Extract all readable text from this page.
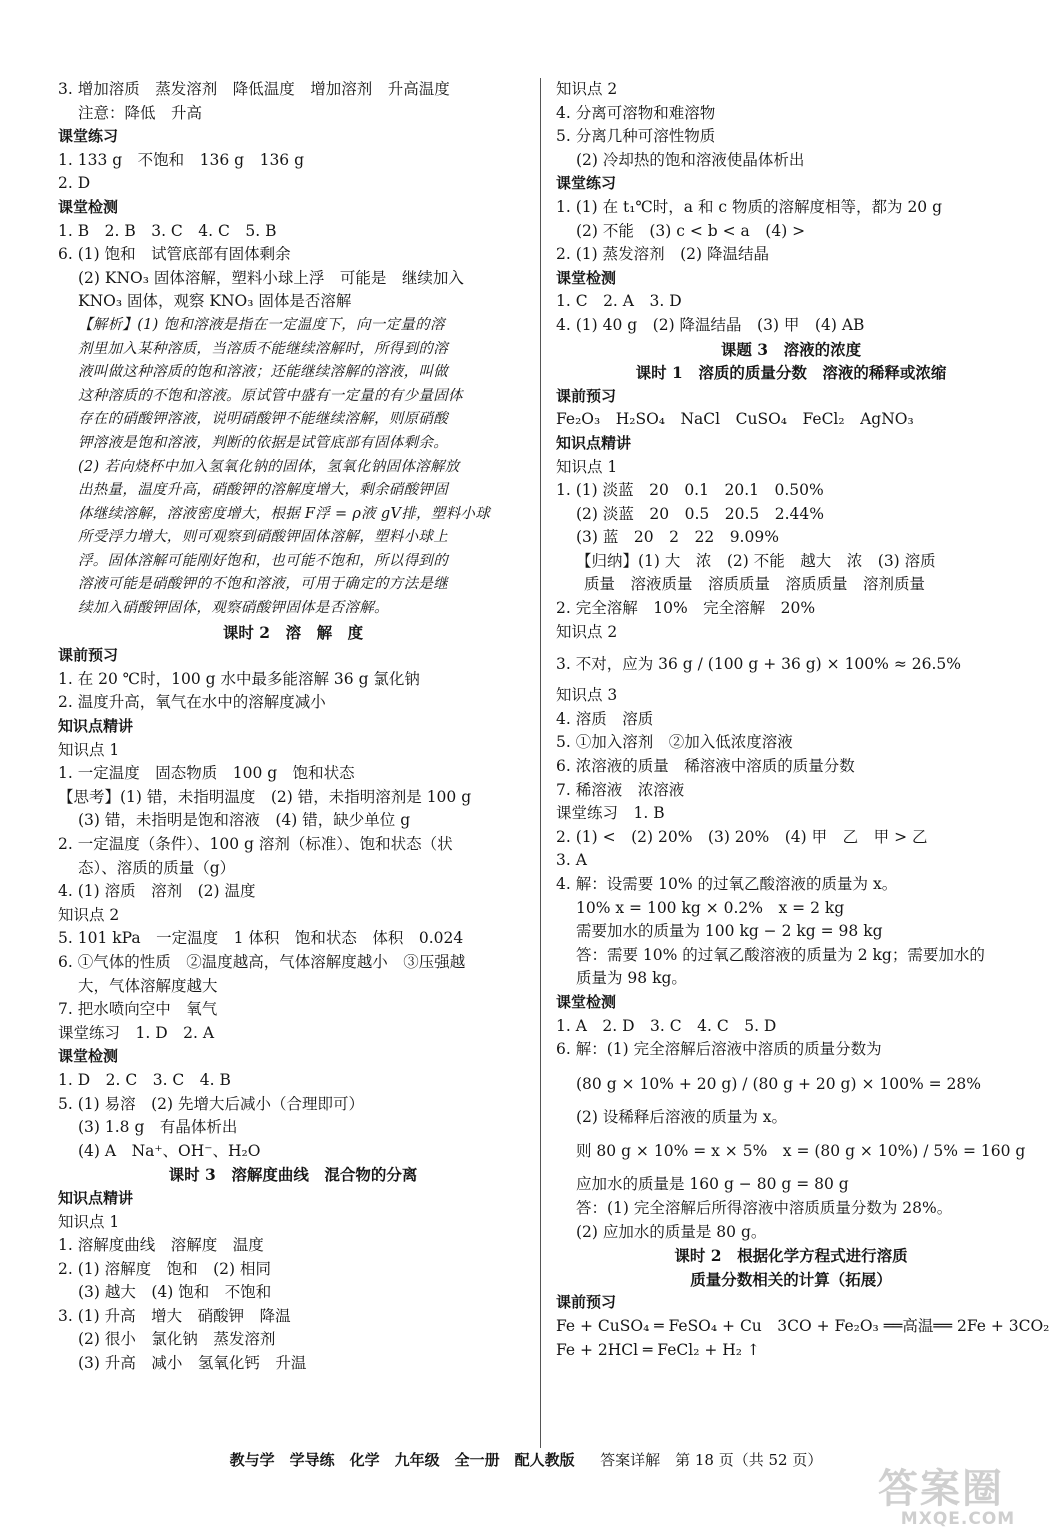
3. 增加溶质　蒸发溶剂　降低温度　增加溶剂　升高温度
注意：降低　升高
课堂练习
1. 133 g　不饱和　136 g　136 g
2. D
课堂检测
1. B　2. B　3. C　4. C　5. B
6. (1) 饱和　试管底部有固体剩余
(2) KNO₃ 固体溶解，塑料小球上浮　可能是　继续加入
KNO₃ 固体，观察 KNO₃ 固体是否溶解
【解析】(1) 饱和溶液是指在一定温度下，向一定量的溶
剂里加入某种溶质，当溶质不能继续溶解时，所得到的溶
液叫做这种溶质的饱和溶液；还能继续溶解的溶液，叫做
这种溶质的不饱和溶液。原试管中盛有一定量的有少量固体
存在的硝酸钾溶液，说明硝酸钾不能继续溶解，则原硝酸
钾溶液是饱和溶液，判断的依据是试管底部有固体剩余。
(2) 若向烧杯中加入氢氧化钠的固体，氢氧化钠固体溶解放
出热量，温度升高，硝酸钾的溶解度增大，剩余硝酸钾固
体继续溶解，溶液密度增大，根据 F浮 = ρ液 gV排，塑料小球
所受浮力增大，则可观察到硝酸钾固体溶解，塑料小球上
浮。固体溶解可能刚好饱和，也可能不饱和，所以得到的
溶液可能是硝酸钾的不饱和溶液，可用于确定的方法是继
续加入硝酸钾固体，观察硝酸钾固体是否溶解。
课时 2　溶　解　度
课前预习
1. 在 20 ℃时，100 g 水中最多能溶解 36 g 氯化钠
2. 温度升高，氧气在水中的溶解度减小
知识点精讲
知识点 1
1. 一定温度　固态物质　100 g　饱和状态
【思考】(1) 错，未指明温度　(2) 错，未指明溶剂是 100 g
(3) 错，未指明是饱和溶液　(4) 错，缺少单位 g
2. 一定温度（条件）、100 g 溶剂（标准）、饱和状态（状
态）、溶质的质量（g）
4. (1) 溶质　溶剂　(2) 温度
知识点 2
5. 101 kPa　一定温度　1 体积　饱和状态　体积　0.024
6. ①气体的性质　②温度越高，气体溶解度越小　③压强越
大，气体溶解度越大
7. 把水喷向空中　氧气
课堂练习　1. D　2. A
课堂检测
1. D　2. C　3. C　4. B
5. (1) 易溶　(2) 先增大后减小（合理即可）
(3) 1.8 g　有晶体析出
(4) A　Na⁺、OH⁻、H₂O
课时 3　溶解度曲线　混合物的分离
知识点精讲
知识点 1
1. 溶解度曲线　溶解度　温度
2. (1) 溶解度　饱和　(2) 相同
(3) 越大　(4) 饱和　不饱和
3. (1) 升高　增大　硝酸钾　降温
(2) 很小　氯化钠　蒸发溶剂
(3) 升高　减小　氢氧化钙　升温
知识点 2
4. 分离可溶物和难溶物
5. 分离几种可溶性物质
(2) 冷却热的饱和溶液使晶体析出
课堂练习
1. (1) 在 t₁℃时，a 和 c 物质的溶解度相等，都为 20 g
(2) 不能　(3) c < b < a　(4) >
2. (1) 蒸发溶剂　(2) 降温结晶
课堂检测
1. C　2. A　3. D
4. (1) 40 g　(2) 降温结晶　(3) 甲　(4) AB
课题 3　溶液的浓度
课时 1　溶质的质量分数　溶液的稀释或浓缩
课前预习
Fe₂O₃　H₂SO₄　NaCl　CuSO₄　FeCl₂　AgNO₃
知识点精讲
知识点 1
1. (1) 淡蓝　20　0.1　20.1　0.50%
(2) 淡蓝　20　0.5　20.5　2.44%
(3) 蓝　20　2　22　9.09%
【归纳】(1) 大　浓　(2) 不能　越大　浓　(3) 溶质
质量　溶液质量　溶质质量　溶质质量　溶剂质量
2. 完全溶解　10%　完全溶解　20%
知识点 2
3. 不对，应为 36 g / (100 g + 36 g) × 100% ≈ 26.5%
知识点 3
4. 溶质　溶质
5. ①加入溶剂　②加入低浓度溶液
6. 浓溶液的质量　稀溶液中溶质的质量分数
7. 稀溶液　浓溶液
课堂练习　1. B
2. (1) <　(2) 20%　(3) 20%　(4) 甲　乙　甲 > 乙
3. A
4. 解：设需要 10% 的过氧乙酸溶液的质量为 x。
10% x = 100 kg × 0.2%　x = 2 kg
需要加水的质量为 100 kg − 2 kg = 98 kg
答：需要 10% 的过氧乙酸溶液的质量为 2 kg；需要加水的
质量为 98 kg。
课堂检测
1. A　2. D　3. C　4. C　5. D
6. 解：(1) 完全溶解后溶液中溶质的质量分数为
(80 g × 10% + 20 g) / (80 g + 20 g) × 100% = 28%
(2) 设稀释后溶液的质量为 x。
则 80 g × 10% = x × 5%　x = (80 g × 10%) / 5% = 160 g
应加水的质量是 160 g − 80 g = 80 g
答：(1) 完全溶解后所得溶液中溶质质量分数为 28%。
(2) 应加水的质量是 80 g。
课时 2　根据化学方程式进行溶质
质量分数相关的计算（拓展）
课前预习
Fe + CuSO₄ ═ FeSO₄ + Cu　3CO + Fe₂O₃ ══高温══ 2Fe + 3CO₂
Fe + 2HCl ═ FeCl₂ + H₂ ↑
教与学　学导练　化学　九年级　全一册　配人教版 　 答案详解　第 18 页（共 52 页）
答案圈
MXQE.COM
